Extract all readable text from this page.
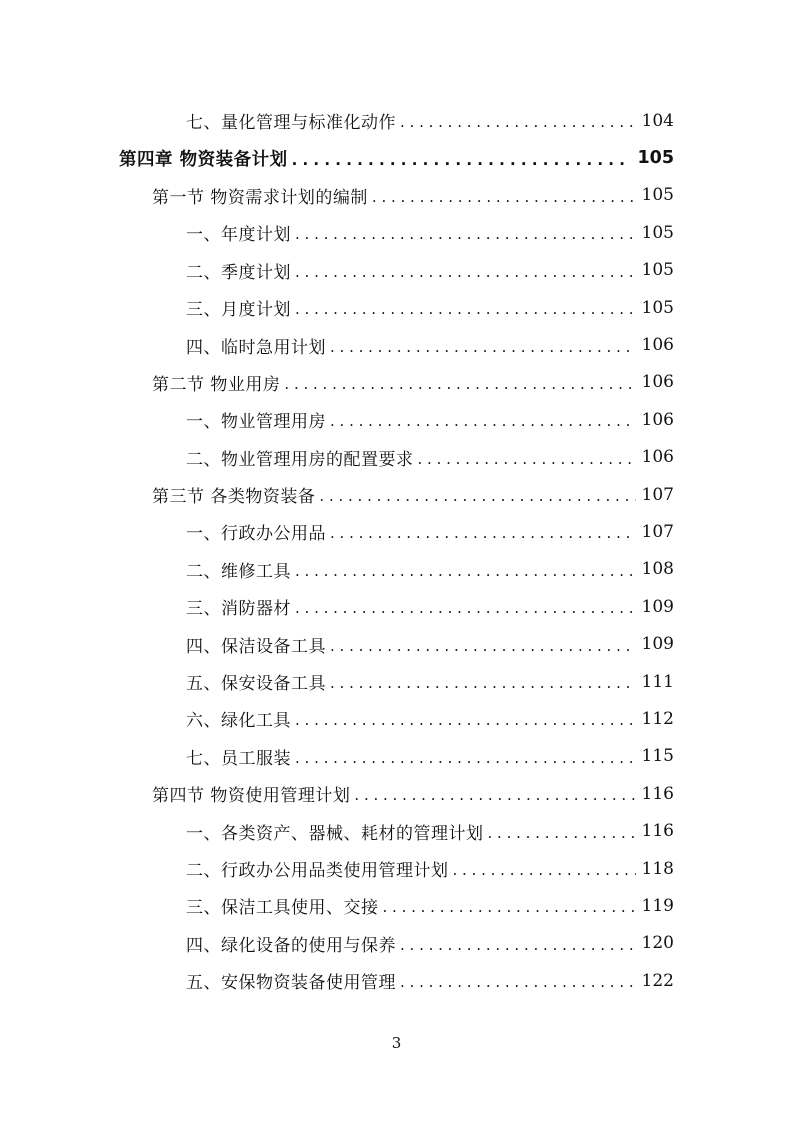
七、量化管理与标准化动作 . . .	104
第四章 物资装备计划 . . .	105
第一节 物资需求计划的编制 . . .	105
一、年度计划 . . .	105
二、季度计划 . . .	105
三、月度计划 . . .	105
四、临时急用计划 . . .	106
第二节 物业用房 . . .	106
一、物业管理用房 . . .	106
二、物业管理用房的配置要求 . . .	106
第三节 各类物资装备 . . .	107
一、行政办公用品 . . .	107
二、维修工具 . . .	108
三、消防器材 . . .	109
四、保洁设备工具 . . .	109
五、保安设备工具 . . .	111
六、绿化工具 . . .	112
七、员工服装 . . .	115
第四节 物资使用管理计划 . . .	116
一、各类资产、器械、耗材的管理计划 . . .	116
二、行政办公用品类使用管理计划 . . .	118
三、保洁工具使用、交接 . . .	119
四、绿化设备的使用与保养 . . .	120
五、安保物资装备使用管理 . . .	122
3
